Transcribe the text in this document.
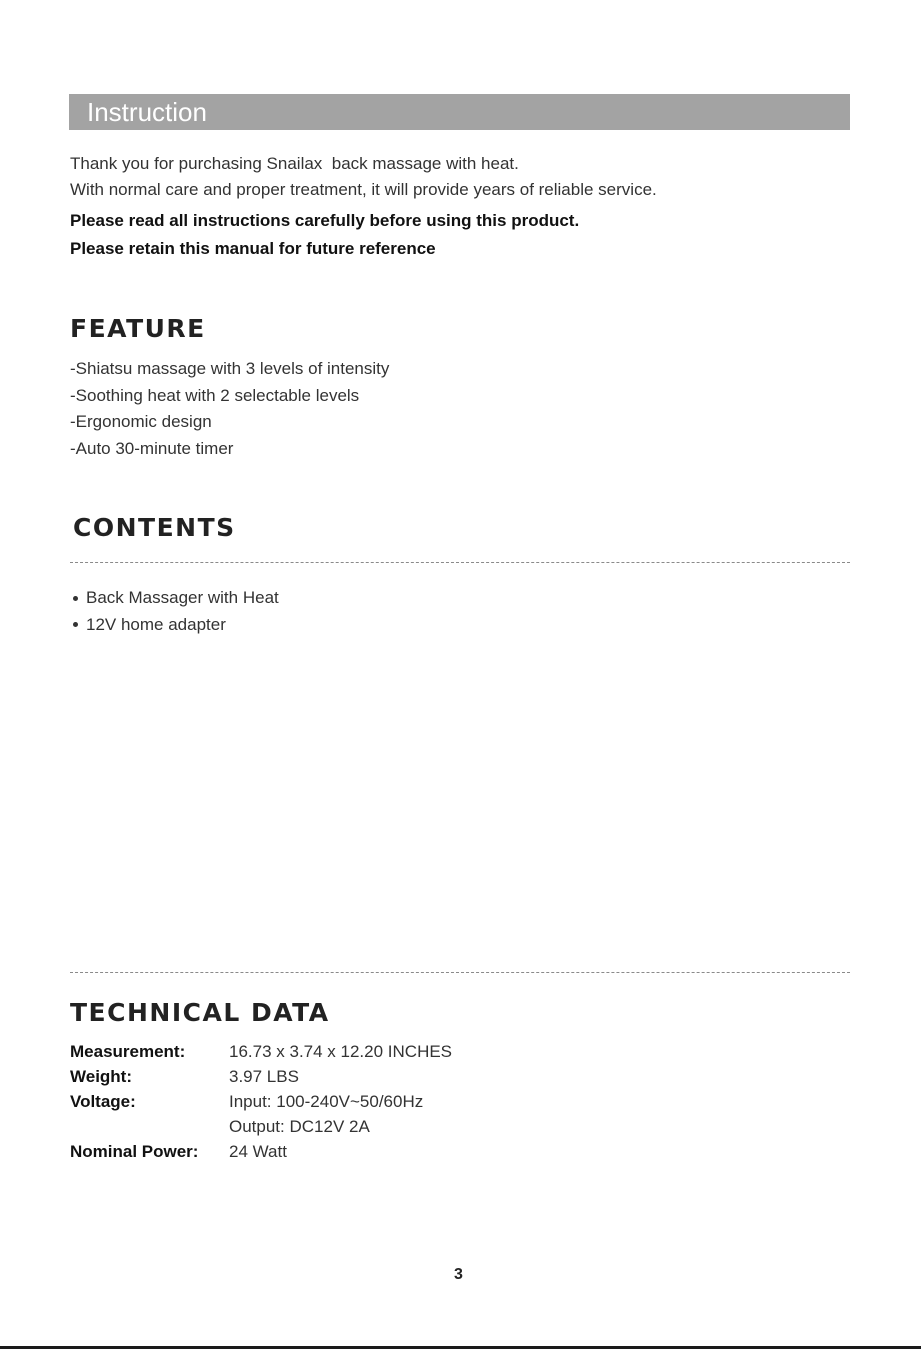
Instruction
Thank you for purchasing Snailax  back massage with heat.
With normal care and proper treatment, it will provide years of reliable service.
Please read all instructions carefully before using this product.
Please retain this manual for future reference
FEATURE
-Shiatsu massage with 3 levels of intensity
-Soothing heat with 2 selectable levels
-Ergonomic design
-Auto 30-minute timer
CONTENTS
Back Massager with Heat
12V home adapter
TECHNICAL DATA
Measurement:	16.73 x 3.74 x 12.20 INCHES
Weight:	3.97 LBS
Voltage:	Input: 100-240V~50/60Hz
Output: DC12V 2A
Nominal Power:	24 Watt
3
